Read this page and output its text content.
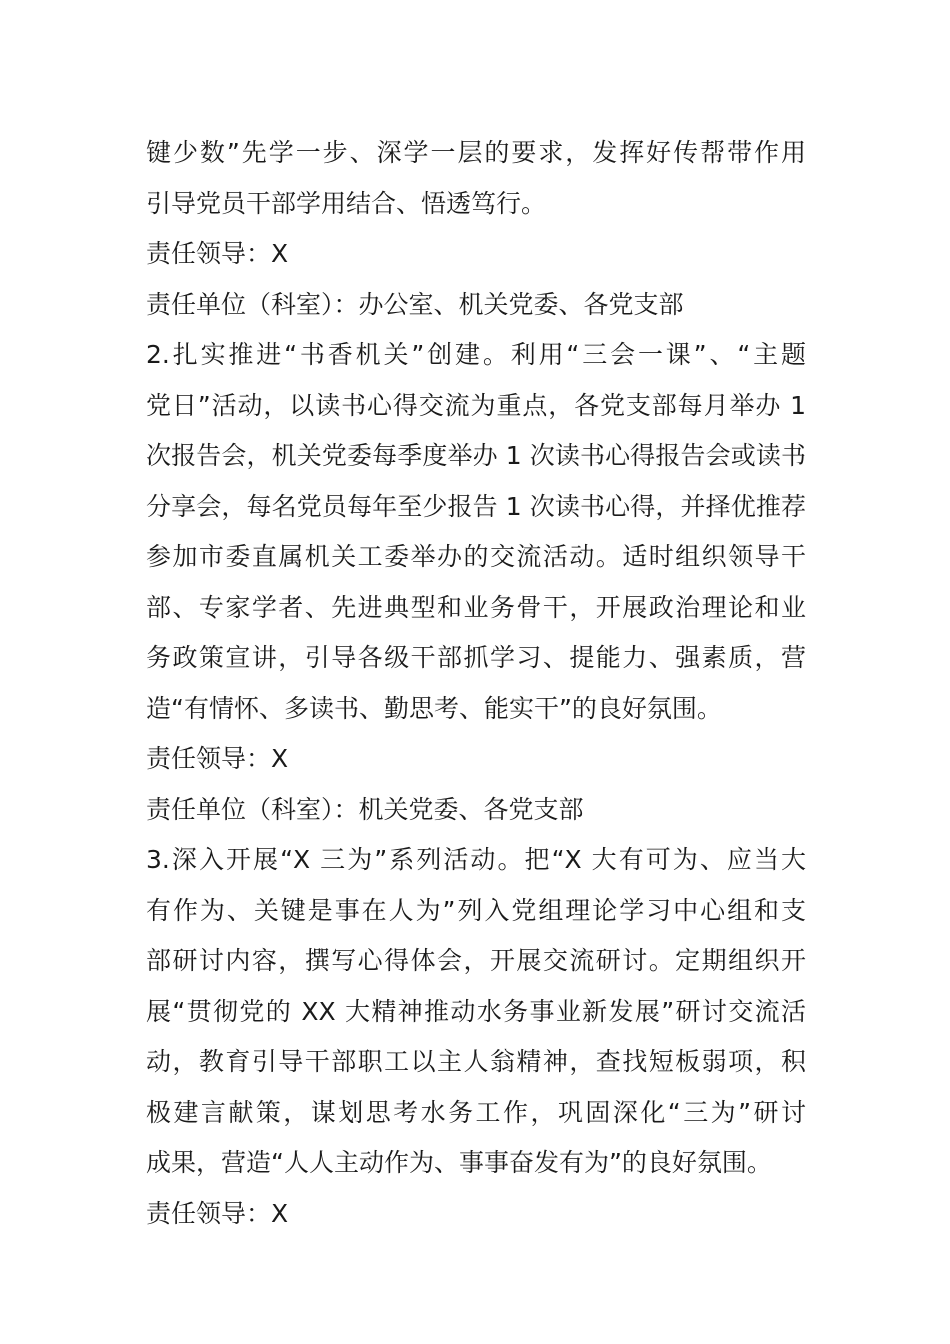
键少数”先学一步、深学一层的要求，发挥好传帮带作用
引导党员干部学用结合、悟透笃行。
责任领导：X
责任单位（科室）：办公室、机关党委、各党支部
2.扎实推进“书香机关”创建。利用“三会一课”、“主题
党日”活动，以读书心得交流为重点，各党支部每月举办 1
次报告会，机关党委每季度举办 1 次读书心得报告会或读书
分享会，每名党员每年至少报告 1 次读书心得，并择优推荐
参加市委直属机关工委举办的交流活动。适时组织领导干
部、专家学者、先进典型和业务骨干，开展政治理论和业
务政策宣讲，引导各级干部抓学习、提能力、强素质，营
造“有情怀、多读书、勤思考、能实干”的良好氛围。
责任领导：X
责任单位（科室）：机关党委、各党支部
3.深入开展“X 三为”系列活动。把“X 大有可为、应当大
有作为、关键是事在人为”列入党组理论学习中心组和支
部研讨内容，撰写心得体会，开展交流研讨。定期组织开
展“贯彻党的 XX 大精神推动水务事业新发展”研讨交流活
动，教育引导干部职工以主人翁精神，查找短板弱项，积
极建言献策，谋划思考水务工作，巩固深化“三为”研讨
成果，营造“人人主动作为、事事奋发有为”的良好氛围。
责任领导：X
